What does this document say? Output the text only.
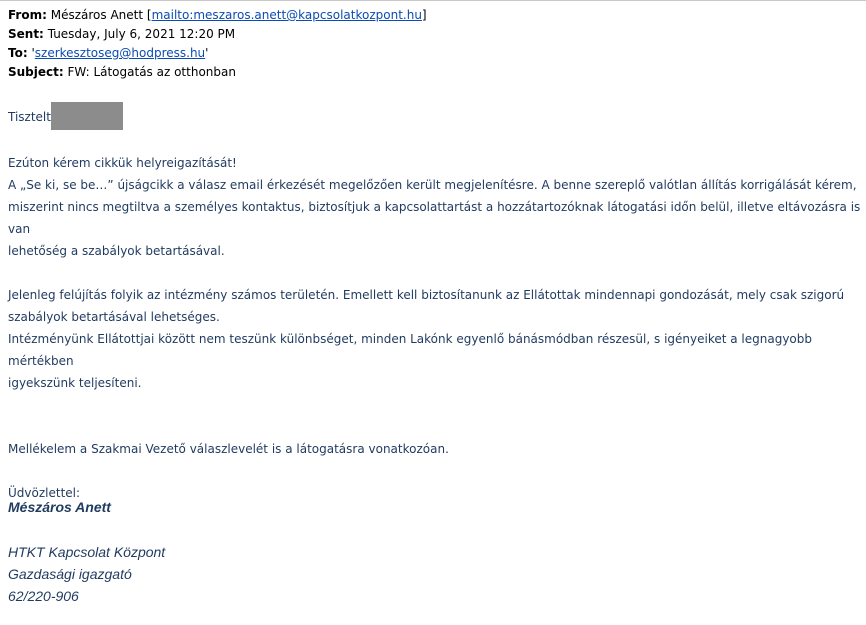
From: Mészáros Anett [mailto:meszaros.anett@kapcsolatkozpont.hu]
Sent: Tuesday, July 6, 2021 12:20 PM
To: 'szerkesztoseg@hodpress.hu'
Subject: FW: Látogatás az otthonban

Tisztelt

Ezúton kérem cikkük helyreigazítását!

A „Se ki, se be…” újságcikk a válasz email érkezését megelőzően került megjelenítésre. A benne szereplő valótlan állítás korrigálását kérem,

miszerint nincs megtiltva a személyes kontaktus, biztosítjuk a kapcsolattartást a hozzátartozóknak látogatási időn belül, illetve eltávozásra is van

lehetőség a szabályok betartásával.

Jelenleg felújítás folyik az intézmény számos területén. Emellett kell biztosítanunk az Ellátottak mindennapi gondozását, mely csak szigorú

szabályok betartásával lehetséges.

Intézményünk Ellátottjai között nem teszünk különbséget, minden Lakónk egyenlő bánásmódban részesül, s igényeiket a legnagyobb mértékben

igyekszünk teljesíteni.

Mellékelem a Szakmai Vezető válaszlevelét is a látogatásra vonatkozóan.

Üdvözlettel:

Mészáros Anett
HTKT Kapcsolat Központ
Gazdasági igazgató
62/220-906
